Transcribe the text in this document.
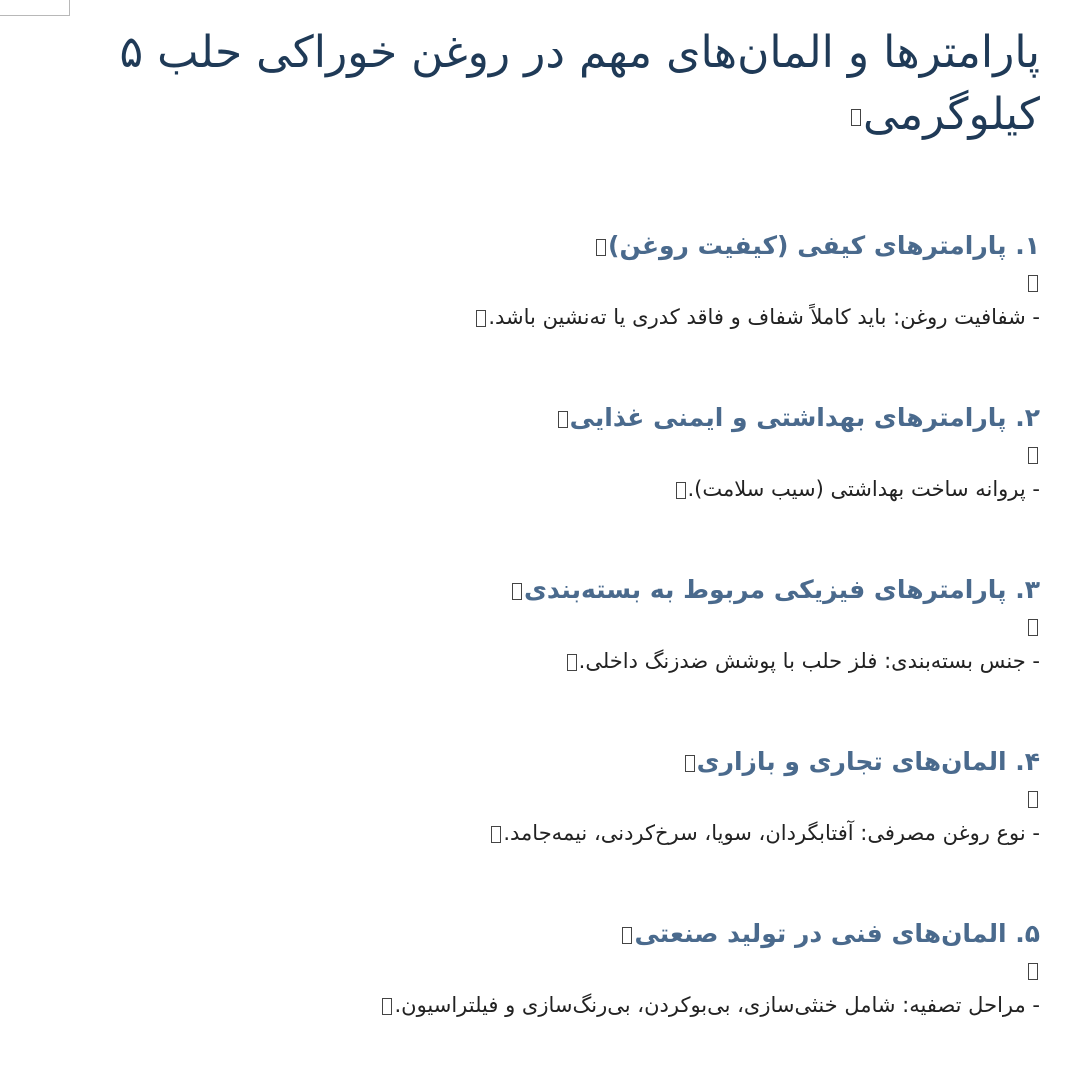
پارامترها و المان‌های مهم در روغن خوراکی حلب ۵ کیلوگرمی
۱. پارامترهای کیفی (کیفیت روغن)

- شفافیت روغن: باید کاملاً شفاف و فاقد کدری یا ته‌نشین باشد.

۲. پارامترهای بهداشتی و ایمنی غذایی

- پروانه ساخت بهداشتی (سیب سلامت).

۳. پارامترهای فیزیکی مربوط به بسته‌بندی

- جنس بسته‌بندی: فلز حلب با پوشش ضدزنگ داخلی.

۴. المان‌های تجاری و بازاری

- نوع روغن مصرفی: آفتابگردان، سویا، سرخ‌کردنی، نیمه‌جامد.

۵. المان‌های فنی در تولید صنعتی

- مراحل تصفیه: شامل خنثی‌سازی، بی‌بوکردن، بی‌رنگ‌سازی و فیلتراسیون.
